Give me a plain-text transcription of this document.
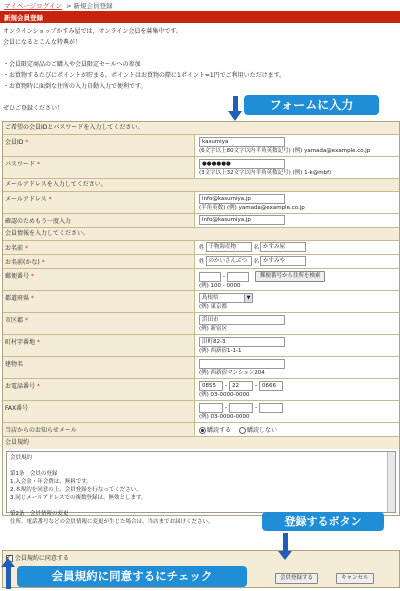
マイページログイン > 新規会員登録
新規会員登録
オンラインショップかすみ屋では、オンライン会員を募集中です。
会員になるとこんな特典が！
・会員限定商品のご購入や会員限定セールへの参加
・お買物するたびにポイントが貯まる。ポイントはお買物の際に1ポイント=1円でご利用いただけます。
・お買物時に面倒な住所の入力自動入力で便利です。
ぜひご登録ください！
ご希望の会員IDとパスワードを入力してください。
会員ID *	kasumiya
(6文字以上80文字以内半角英数記号) (例) yamada@example.co.jp
パスワード *	●●●●●●
(3文字以上32文字以内半角英数記号) (例) 1-k@mbf)
メールアドレスを入力してください。
メールアドレス *	info@kasumiya.jp
(半角英数) (例) yamada@example.co.jp
確認のためもう一度入力	info@kasumiya.jp
会員情報を入力してください。
お名前 *	姓 千物海産物	名 かすみ屋
お名前(かな) *	姓 のかいさんぶつ 名 かすみや
郵便番号 *	-	郵便番号から住所を検索
(例) 100 - 0000
都道府県 *	島根県	▼
(例) 東京都
市区郡 *	浜田市
(例) 新宿区
町村字番地 *	田町82-3
(例) 西新宿1-1-1
建物名
(例) 西新宿マンション204
お電話番号 *	0855 - 22	- 0666
(例) 03-0000-0000
FAX番号	-	-
(例) 03-0000-0000
当店からのお知らせメール	購読する	購読しない
会員規約
会員規約
第1条　会員の登録
1.入会金・年会費は、無料です。
2.本規約を同意の上、会員登録を行なってください。
3.同じメールアドレスでの複数登録は、無効とします。
第2条　会員情報の変更
住所、電話番号などの会員情報に変更が生じた場合は、当店までお届けください。
✓ 会員規約に同意する
会員登録する	キャンセル
フォームに入力
登録するボタン
会員規約に同意するにチェック
